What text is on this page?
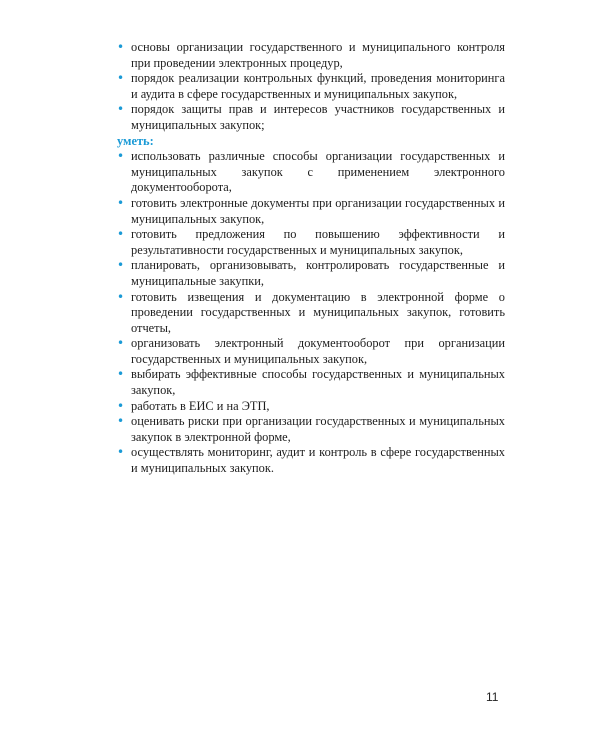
• основы организации государственного и муниципального контроля при проведении электронных процедур,
• порядок реализации контрольных функций, проведения мониторинга и аудита в сфере государственных и муниципальных закупок,
• порядок защиты прав и интересов участников государственных и муниципальных закупок;
уметь:
• использовать различные способы организации государственных и муниципальных закупок с применением электронного документооборота,
• готовить электронные документы при организации государственных и муниципальных закупок,
• готовить предложения по повышению эффективности и результативности государственных и муниципальных закупок,
• планировать, организовывать, контролировать государственные и муниципальные закупки,
• готовить извещения и документацию в электронной форме о проведении государственных и муниципальных закупок, готовить отчеты,
• организовать электронный документооборот при организации государственных и муниципальных закупок,
• выбирать эффективные способы государственных и муниципальных закупок,
• работать в ЕИС и на ЭТП,
• оценивать риски при организации государственных и муниципальных закупок в электронной форме,
• осуществлять мониторинг, аудит и контроль в сфере государственных и муниципальных закупок.
11
